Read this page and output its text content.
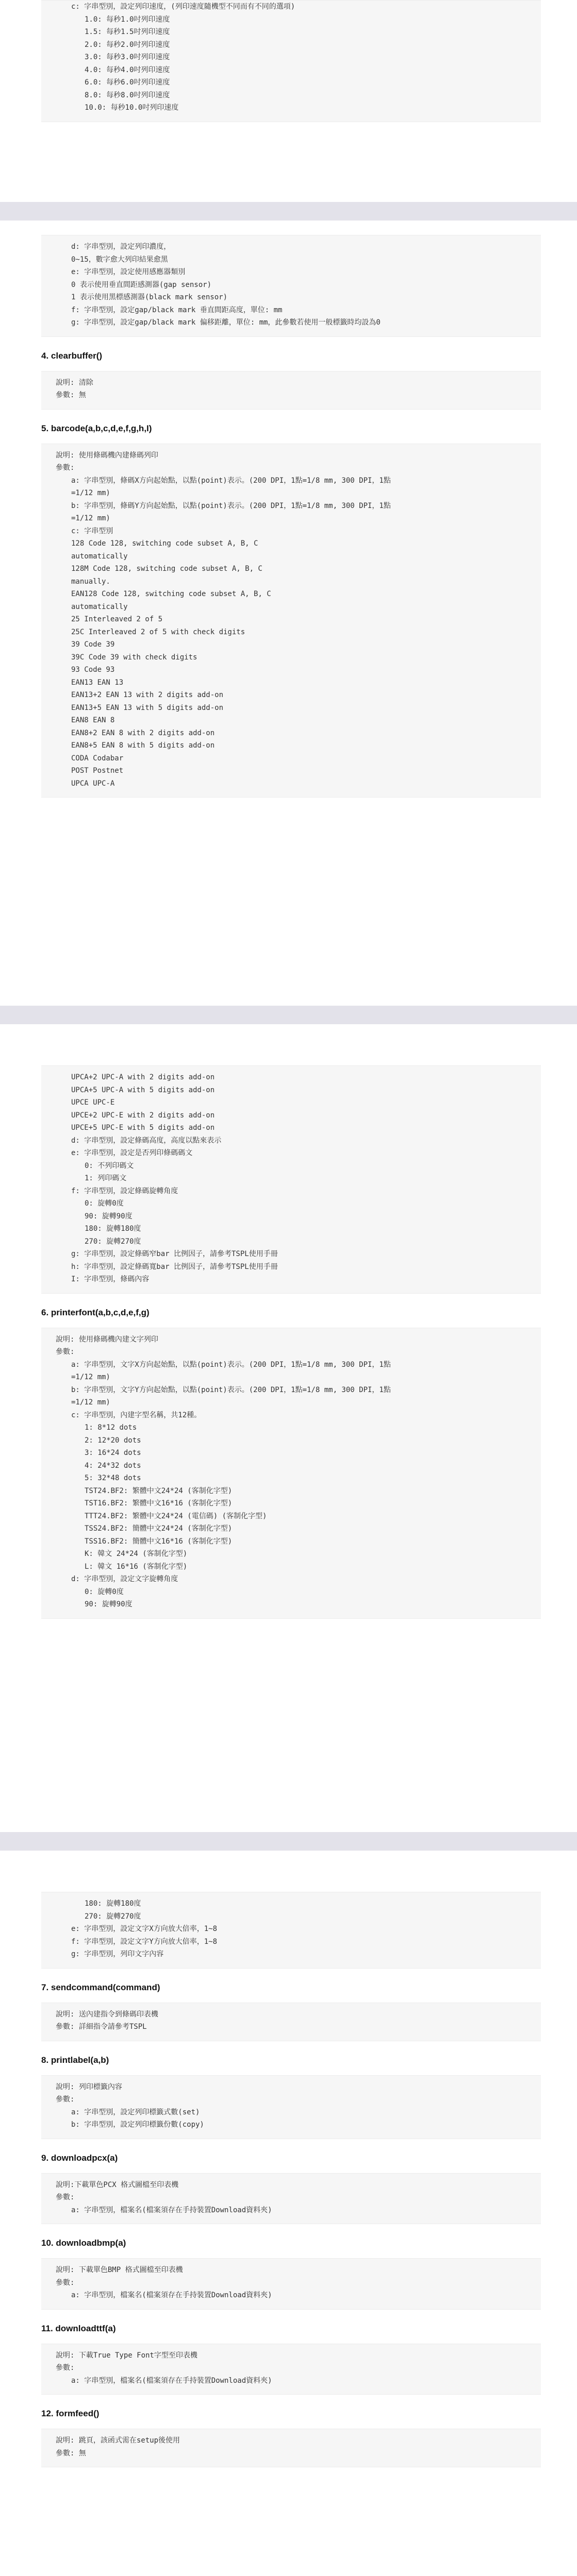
c: 字串型別，設定列印速度，(列印速度隨機型不同而有不同的選項)
1.0: 每秒1.0吋列印速度
1.5: 每秒1.5吋列印速度
2.0: 每秒2.0吋列印速度
3.0: 每秒3.0吋列印速度
4.0: 每秒4.0吋列印速度
6.0: 每秒6.0吋列印速度
8.0: 每秒8.0吋列印速度
10.0: 每秒10.0吋列印速度
d: 字串型別，設定列印濃度，
0~15，數字愈大列印結果愈黑
e: 字串型別，設定使用感應器類別
0 表示使用垂直間距感測器(gap sensor)
1 表示使用黑標感測器(black mark sensor)
f: 字串型別，設定gap/black mark 垂直間距高度，單位: mm
g: 字串型別，設定gap/black mark 偏移距離，單位: mm，此參數若使用一般標籤時均設為0
4. clearbuffer()
說明: 清除
參數: 無
5. barcode(a,b,c,d,e,f,g,h,I)
說明: 使用條碼機內建條碼列印
參數:
a: 字串型別，條碼X方向起始點，以點(point)表示。(200 DPI，1點=1/8 mm, 300 DPI，1點
=1/12 mm)
b: 字串型別，條碼Y方向起始點，以點(point)表示。(200 DPI，1點=1/8 mm, 300 DPI，1點
=1/12 mm)
c: 字串型別
128 Code 128, switching code subset A, B, C
automatically
128M Code 128, switching code subset A, B, C
manually.
EAN128 Code 128, switching code subset A, B, C
automatically
25 Interleaved 2 of 5
25C Interleaved 2 of 5 with check digits
39 Code 39
39C Code 39 with check digits
93 Code 93
EAN13 EAN 13
EAN13+2 EAN 13 with 2 digits add-on
EAN13+5 EAN 13 with 5 digits add-on
EAN8 EAN 8
EAN8+2 EAN 8 with 2 digits add-on
EAN8+5 EAN 8 with 5 digits add-on
CODA Codabar
POST Postnet
UPCA UPC-A
UPCA+2 UPC-A with 2 digits add-on
UPCA+5 UPC-A with 5 digits add-on
UPCE UPC-E
UPCE+2 UPC-E with 2 digits add-on
UPCE+5 UPC-E with 5 digits add-on
d: 字串型別，設定條碼高度，高度以點來表示
e: 字串型別，設定是否列印條碼碼文
0: 不列印碼文
1: 列印碼文
f: 字串型別，設定條碼旋轉角度
0: 旋轉0度
90: 旋轉90度
180: 旋轉180度
270: 旋轉270度
g: 字串型別，設定條碼窄bar 比例因子，請參考TSPL使用手冊
h: 字串型別，設定條碼寬bar 比例因子，請參考TSPL使用手冊
I: 字串型別，條碼內容
6. printerfont(a,b,c,d,e,f,g)
說明: 使用條碼機內建文字列印
參數:
a: 字串型別，文字X方向起始點，以點(point)表示。(200 DPI，1點=1/8 mm, 300 DPI，1點
=1/12 mm)
b: 字串型別，文字Y方向起始點，以點(point)表示。(200 DPI，1點=1/8 mm, 300 DPI，1點
=1/12 mm)
c: 字串型別，內建字型名稱，共12種。
1: 8*12 dots
2: 12*20 dots
3: 16*24 dots
4: 24*32 dots
5: 32*48 dots
TST24.BF2: 繁體中文24*24 (客制化字型)
TST16.BF2: 繁體中文16*16 (客制化字型)
TTT24.BF2: 繁體中文24*24 (電信碼) (客制化字型)
TSS24.BF2: 簡體中文24*24 (客制化字型)
TSS16.BF2: 簡體中文16*16 (客制化字型)
K: 韓文 24*24 (客制化字型)
L: 韓文 16*16 (客制化字型)
d: 字串型別，設定文字旋轉角度
0: 旋轉0度
90: 旋轉90度
180: 旋轉180度
270: 旋轉270度
e: 字串型別，設定文字X方向放大倍率，1~8
f: 字串型別，設定文字Y方向放大倍率，1~8
g: 字串型別，列印文字內容
7. sendcommand(command)
說明: 送內建指令到條碼印表機
參數: 詳細指令請參考TSPL
8. printlabel(a,b)
說明: 列印標籤內容
參數:
a: 字串型別，設定列印標籤式數(set)
b: 字串型別，設定列印標籤份數(copy)
9. downloadpcx(a)
說明:下載單色PCX 格式圖檔至印表機
參數:
a: 字串型別，檔案名(檔案須存在手持裝置Download資料夾)
10. downloadbmp(a)
說明: 下載單色BMP 格式圖檔至印表機
參數:
a: 字串型別，檔案名(檔案須存在手持裝置Download資料夾)
11. downloadttf(a)
說明: 下載True Type Font字型至印表機
參數:
a: 字串型別，檔案名(檔案須存在手持裝置Download資料夾)
12. formfeed()
說明: 跳頁，該函式需在setup後使用
參數: 無
